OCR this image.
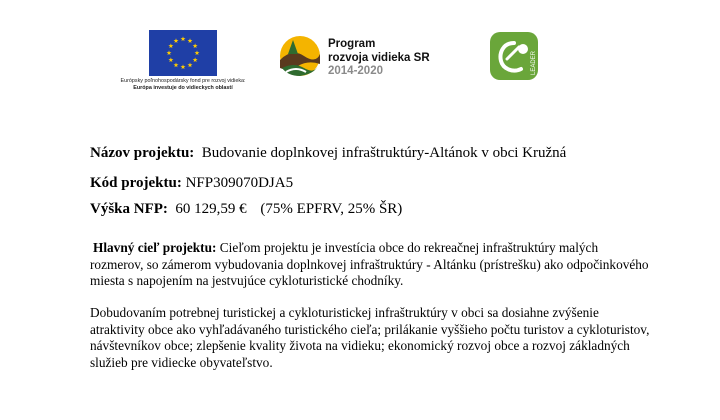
Európsky poľnohospodársky fond pre rozvoj vidieka:
Európa investuje do vidieckych oblastí
Program
rozvoja vidieka SR
2014-2020	LEADER

Názov projektu: Budovanie doplnkovej infraštruktúry-Altánok v obci Kružná

Kód projektu: NFP309070DJA5

Výška NFP: 60 129,59 € (75% EPFRV, 25% ŠR)

Hlavný cieľ projektu: Cieľom projektu je investícia obce do rekreačnej infraštruktúry malých rozmerov, so zámerom vybudovania doplnkovej infraštruktúry - Altánku (prístrešku) ako odpočinkového miesta s napojením na jestvujúce cykloturistické chodníky.

Dobudovaním potrebnej turistickej a cykloturistickej infraštruktúry v obci sa dosiahne zvýšenie atraktivity obce ako vyhľadávaného turistického cieľa; prilákanie vyššieho počtu turistov a cykloturistov, návštevníkov obce; zlepšenie kvality života na vidieku; ekonomický rozvoj obce a rozvoj základných služieb pre vidiecke obyvateľstvo.
